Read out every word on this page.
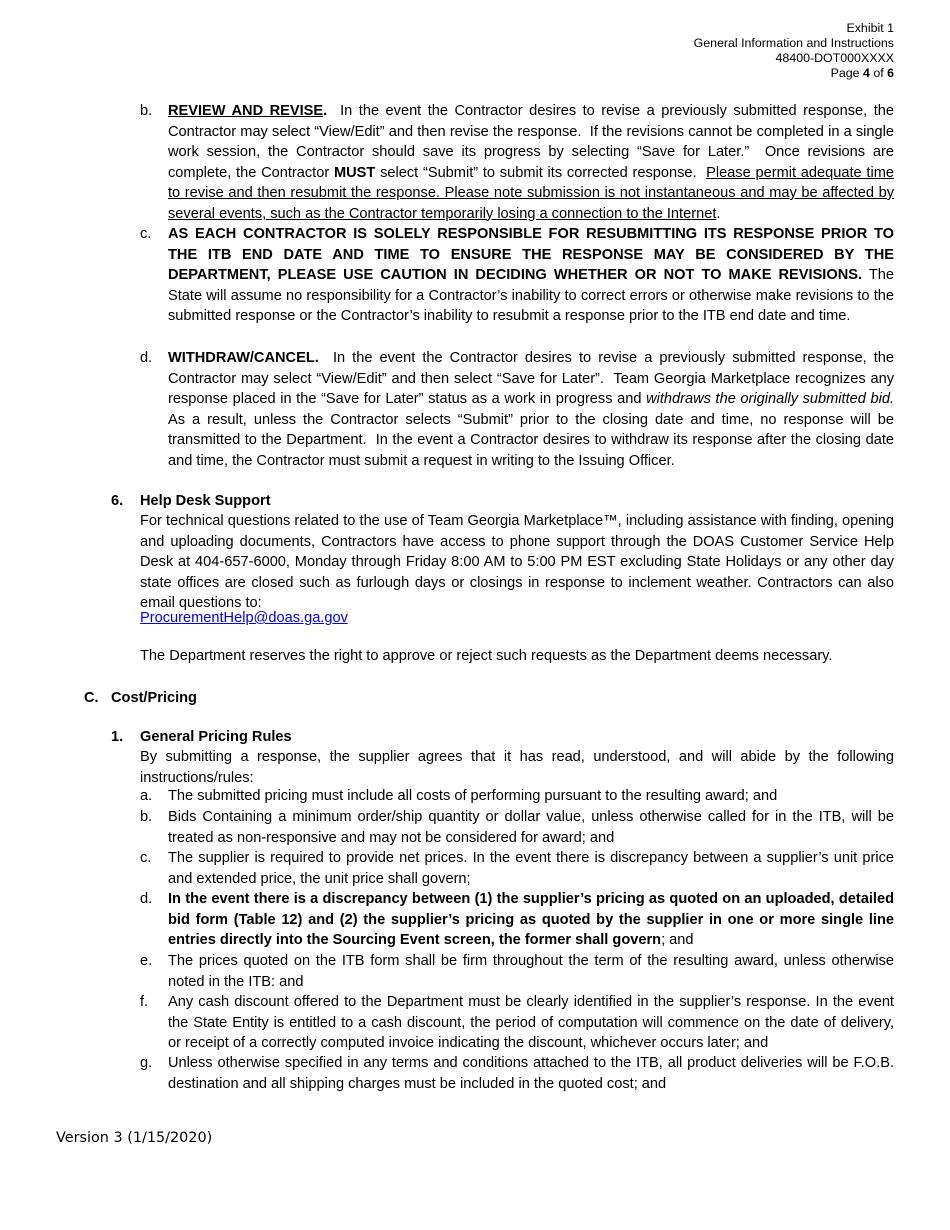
Exhibit 1
General Information and Instructions
48400-DOT000XXXX
Page 4 of 6
b. REVIEW AND REVISE.  In the event the Contractor desires to revise a previously submitted response, the Contractor may select “View/Edit” and then revise the response.  If the revisions cannot be completed in a single work session, the Contractor should save its progress by selecting “Save for Later.”  Once revisions are complete, the Contractor MUST select “Submit” to submit its corrected response.  Please permit adequate time to revise and then resubmit the response. Please note submission is not instantaneous and may be affected by several events, such as the Contractor temporarily losing a connection to the Internet.
c. AS EACH CONTRACTOR IS SOLELY RESPONSIBLE FOR RESUBMITTING ITS RESPONSE PRIOR TO THE ITB END DATE AND TIME TO ENSURE THE RESPONSE MAY BE CONSIDERED BY THE DEPARTMENT, PLEASE USE CAUTION IN DECIDING WHETHER OR NOT TO MAKE REVISIONS. The State will assume no responsibility for a Contractor’s inability to correct errors or otherwise make revisions to the submitted response or the Contractor’s inability to resubmit a response prior to the ITB end date and time.
d. WITHDRAW/CANCEL.  In the event the Contractor desires to revise a previously submitted response, the Contractor may select “View/Edit” and then select “Save for Later”.  Team Georgia Marketplace recognizes any response placed in the “Save for Later” status as a work in progress and withdraws the originally submitted bid.  As a result, unless the Contractor selects “Submit” prior to the closing date and time, no response will be transmitted to the Department.  In the event a Contractor desires to withdraw its response after the closing date and time, the Contractor must submit a request in writing to the Issuing Officer.
6. Help Desk Support
For technical questions related to the use of Team Georgia Marketplace™, including assistance with finding, opening and uploading documents, Contractors have access to phone support through the DOAS Customer Service Help Desk at 404-657-6000, Monday through Friday 8:00 AM to 5:00 PM EST excluding State Holidays or any other day state offices are closed such as furlough days or closings in response to inclement weather. Contractors can also email questions to:
ProcurementHelp@doas.ga.gov
The Department reserves the right to approve or reject such requests as the Department deems necessary.
C. Cost/Pricing
1. General Pricing Rules
By submitting a response, the supplier agrees that it has read, understood, and will abide by the following instructions/rules:
a. The submitted pricing must include all costs of performing pursuant to the resulting award; and
b. Bids Containing a minimum order/ship quantity or dollar value, unless otherwise called for in the ITB, will be treated as non-responsive and may not be considered for award; and
c. The supplier is required to provide net prices. In the event there is discrepancy between a supplier’s unit price and extended price, the unit price shall govern;
d. In the event there is a discrepancy between (1) the supplier’s pricing as quoted on an uploaded, detailed bid form (Table 12) and (2) the supplier’s pricing as quoted by the supplier in one or more single line entries directly into the Sourcing Event screen, the former shall govern; and
e. The prices quoted on the ITB form shall be firm throughout the term of the resulting award, unless otherwise noted in the ITB: and
f. Any cash discount offered to the Department must be clearly identified in the supplier’s response. In the event the State Entity is entitled to a cash discount, the period of computation will commence on the date of delivery, or receipt of a correctly computed invoice indicating the discount, whichever occurs later; and
g. Unless otherwise specified in any terms and conditions attached to the ITB, all product deliveries will be F.O.B. destination and all shipping charges must be included in the quoted cost; and
Version 3 (1/15/2020)
